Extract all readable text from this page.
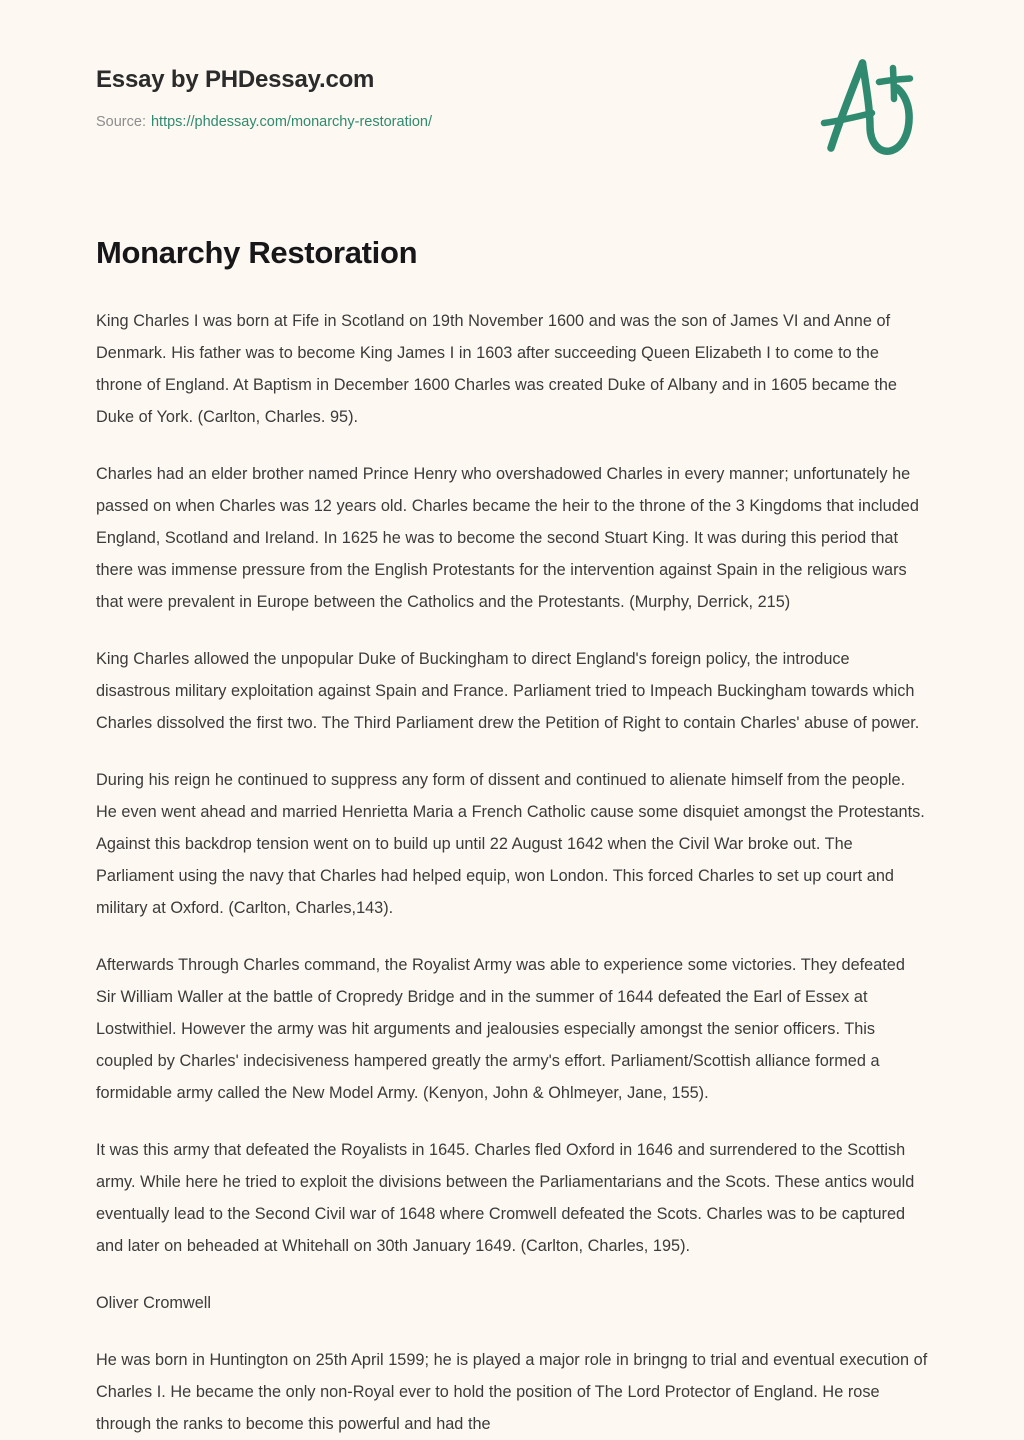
Essay by PHDessay.com
Source: https://phdessay.com/monarchy-restoration/
Monarchy Restoration

King Charles I was born at Fife in Scotland on 19th November 1600 and was the son of James VI and Anne of Denmark. His father was to become King James I in 1603 after succeeding Queen Elizabeth I to come to the throne of England. At Baptism in December 1600 Charles was created Duke of Albany and in 1605 became the Duke of York. (Carlton, Charles. 95).

Charles had an elder brother named Prince Henry who overshadowed Charles in every manner; unfortunately he passed on when Charles was 12 years old. Charles became the heir to the throne of the 3 Kingdoms that included England, Scotland and Ireland. In 1625 he was to become the second Stuart King. It was during this period that there was immense pressure from the English Protestants for the intervention against Spain in the religious wars that were prevalent in Europe between the Catholics and the Protestants. (Murphy, Derrick, 215)

King Charles allowed the unpopular Duke of Buckingham to direct England's foreign policy, the introduce disastrous military exploitation against Spain and France. Parliament tried to Impeach Buckingham towards which Charles dissolved the first two. The Third Parliament drew the Petition of Right to contain Charles' abuse of power.

During his reign he continued to suppress any form of dissent and continued to alienate himself from the people. He even went ahead and married Henrietta Maria a French Catholic cause some disquiet amongst the Protestants. Against this backdrop tension went on to build up until 22 August 1642 when the Civil War broke out. The Parliament using the navy that Charles had helped equip, won London. This forced Charles to set up court and military at Oxford. (Carlton, Charles,143).

Afterwards Through Charles command, the Royalist Army was able to experience some victories. They defeated Sir William Waller at the battle of Cropredy Bridge and in the summer of 1644 defeated the Earl of Essex at Lostwithiel. However the army was hit arguments and jealousies especially amongst the senior officers. This coupled by Charles' indecisiveness hampered greatly the army's effort. Parliament/Scottish alliance formed a formidable army called the New Model Army. (Kenyon, John & Ohlmeyer, Jane, 155).

It was this army that defeated the Royalists in 1645. Charles fled Oxford in 1646 and surrendered to the Scottish army. While here he tried to exploit the divisions between the Parliamentarians and the Scots. These antics would eventually lead to the Second Civil war of 1648 where Cromwell defeated the Scots. Charles was to be captured and later on beheaded at Whitehall on 30th January 1649. (Carlton, Charles, 195).

Oliver Cromwell

He was born in Huntington on 25th April 1599; he is played a major role in bringng to trial and eventual execution of Charles I. He became the only non-Royal ever to hold the position of The Lord Protector of England. He rose through the ranks to become this powerful and had the
